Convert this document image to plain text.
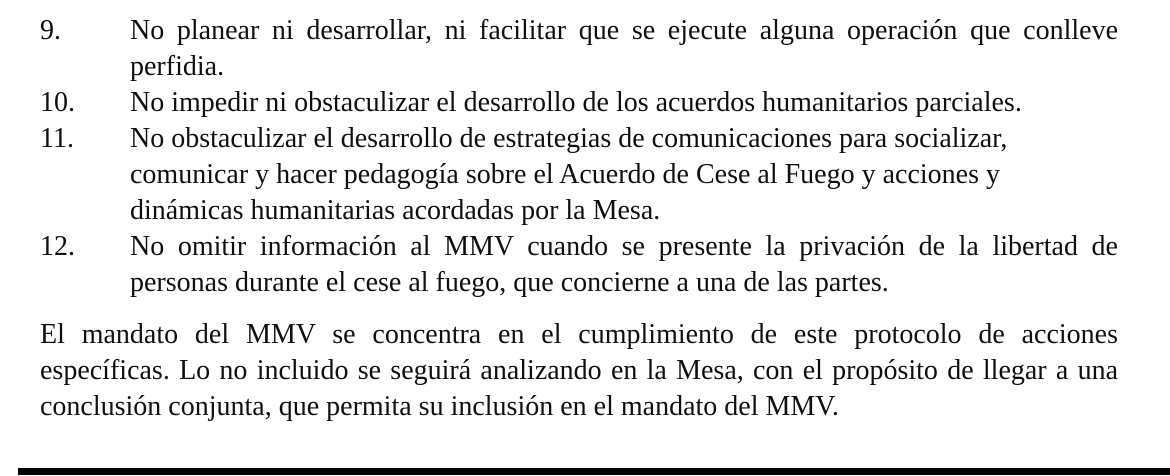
9.	No planear ni desarrollar, ni facilitar que se ejecute alguna operación que conlleve
perfidia.
10.	No impedir ni obstaculizar el desarrollo de los acuerdos humanitarios parciales.
11.	No obstaculizar el desarrollo de estrategias de comunicaciones para socializar,
comunicar y hacer pedagogía sobre el Acuerdo de Cese al Fuego y acciones y
dinámicas humanitarias acordadas por la Mesa.
12.	No omitir información al MMV cuando se presente la privación de la libertad de
personas durante el cese al fuego, que concierne a una de las partes.
El mandato del MMV se concentra en el cumplimiento de este protocolo de acciones
específicas. Lo no incluido se seguirá analizando en la Mesa, con el propósito de llegar a una
conclusión conjunta, que permita su inclusión en el mandato del MMV.
